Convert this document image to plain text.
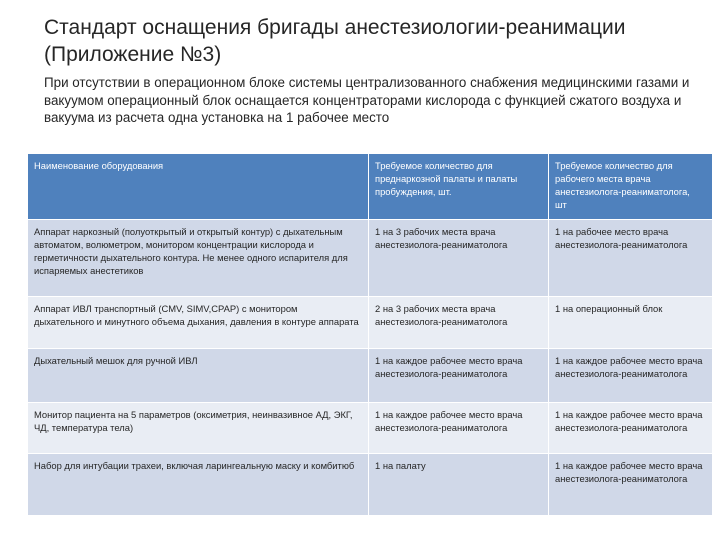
Стандарт оснащения бригады анестезиологии-реанимации
(Приложение №3)

При отсутствии в операционном блоке системы централизованного снабжения медицинскими газами и вакуумом операционный блок оснащается концентраторами кислорода с функцией сжатого воздуха и вакуума из расчета одна установка на 1 рабочее место

Наименование оборудования	Требуемое количество для преднаркозной палаты и палаты пробуждения, шт.	Требуемое количество для рабочего места врача анестезиолога-реаниматолога, шт
Аппарат наркозный (полуоткрытый и открытый контур) с дыхательным автоматом, волюметром, монитором концентрации кислорода и герметичности дыхательного контура. Не менее одного испарителя для испаряемых анестетиков	1 на 3 рабочих места врача анестезиолога-реаниматолога	1 на рабочее место врача анестезиолога-реаниматолога
Аппарат ИВЛ транспортный (CMV, SIMV,CPAP) с монитором дыхательного и минутного объема дыхания, давления в контуре аппарата	2 на 3 рабочих места врача анестезиолога-реаниматолога	1 на операционный блок
Дыхательный мешок для ручной ИВЛ	1 на каждое рабочее место врача анестезиолога-реаниматолога	1 на каждое рабочее место врача анестезиолога-реаниматолога
Монитор пациента на 5 параметров (оксиметрия, неинвазивное АД, ЭКГ, ЧД, температура тела)	1 на каждое рабочее место врача анестезиолога-реаниматолога	1 на каждое рабочее место врача анестезиолога-реаниматолога
Набор для интубации трахеи, включая ларингеальную маску и комбитюб	1 на палату	1 на каждое рабочее место врача анестезиолога-реаниматолога
